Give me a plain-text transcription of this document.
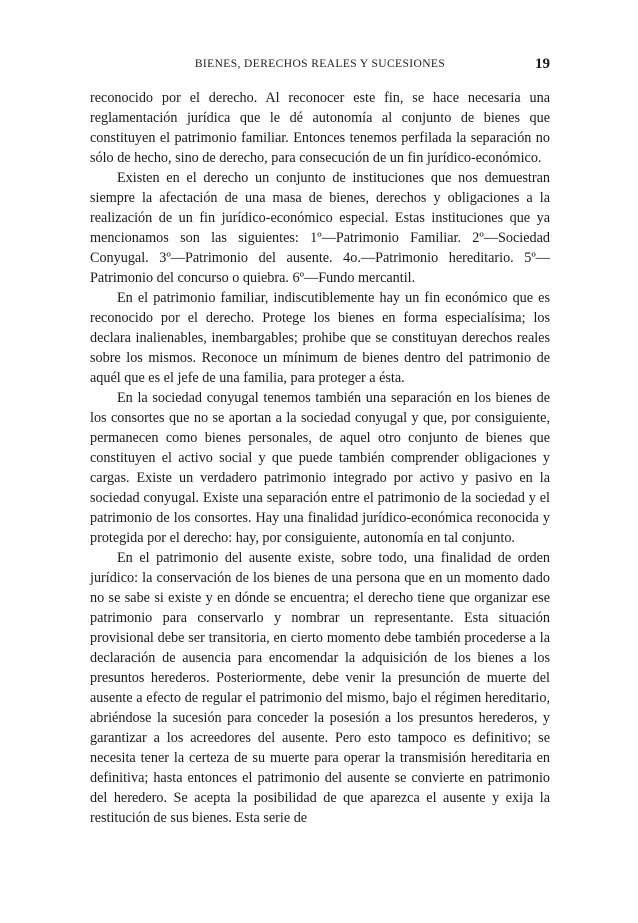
BIENES, DERECHOS REALES Y SUCESIONES	19

reconocido por el derecho. Al reconocer este fin, se hace necesaria una reglamentación jurídica que le dé autonomía al conjunto de bienes que constituyen el patrimonio familiar. Entonces tenemos perfilada la separación no sólo de hecho, sino de derecho, para consecución de un fin jurídico-económico.

Existen en el derecho un conjunto de instituciones que nos demuestran siempre la afectación de una masa de bienes, derechos y obligaciones a la realización de un fin jurídico-económico especial. Estas instituciones que ya mencionamos son las siguientes: 1º—Patrimonio Familiar. 2º—Sociedad Conyugal. 3º—Patrimonio del ausente. 4o.—Patrimonio hereditario. 5º—Patrimonio del concurso o quiebra. 6º—Fundo mercantil.

En el patrimonio familiar, indiscutiblemente hay un fin económico que es reconocido por el derecho. Protege los bienes en forma especialísima; los declara inalienables, inembargables; prohibe que se constituyan derechos reales sobre los mismos. Reconoce un mínimum de bienes dentro del patrimonio de aquél que es el jefe de una familia, para proteger a ésta.

En la sociedad conyugal tenemos también una separación en los bienes de los consortes que no se aportan a la sociedad conyugal y que, por consiguiente, permanecen como bienes personales, de aquel otro conjunto de bienes que constituyen el activo social y que puede también comprender obligaciones y cargas. Existe un verdadero patrimonio integrado por activo y pasivo en la sociedad conyugal. Existe una separación entre el patrimonio de la sociedad y el patrimonio de los consortes. Hay una finalidad jurídico-económica reconocida y protegida por el derecho: hay, por consiguiente, autonomía en tal conjunto.

En el patrimonio del ausente existe, sobre todo, una finalidad de orden jurídico: la conservación de los bienes de una persona que en un momento dado no se sabe si existe y en dónde se encuentra; el derecho tiene que organizar ese patrimonio para conservarlo y nombrar un representante. Esta situación provisional debe ser transitoria, en cierto momento debe también procederse a la declaración de ausencia para encomendar la adquisición de los bienes a los presuntos herederos. Posteriormente, debe venir la presunción de muerte del ausente a efecto de regular el patrimonio del mismo, bajo el régimen hereditario, abriéndose la sucesión para conceder la posesión a los presuntos herederos, y garantizar a los acreedores del ausente. Pero esto tampoco es definitivo; se necesita tener la certeza de su muerte para operar la transmisión hereditaria en definitiva; hasta entonces el patrimonio del ausente se convierte en patrimonio del heredero. Se acepta la posibilidad de que aparezca el ausente y exija la restitución de sus bienes. Esta serie de
